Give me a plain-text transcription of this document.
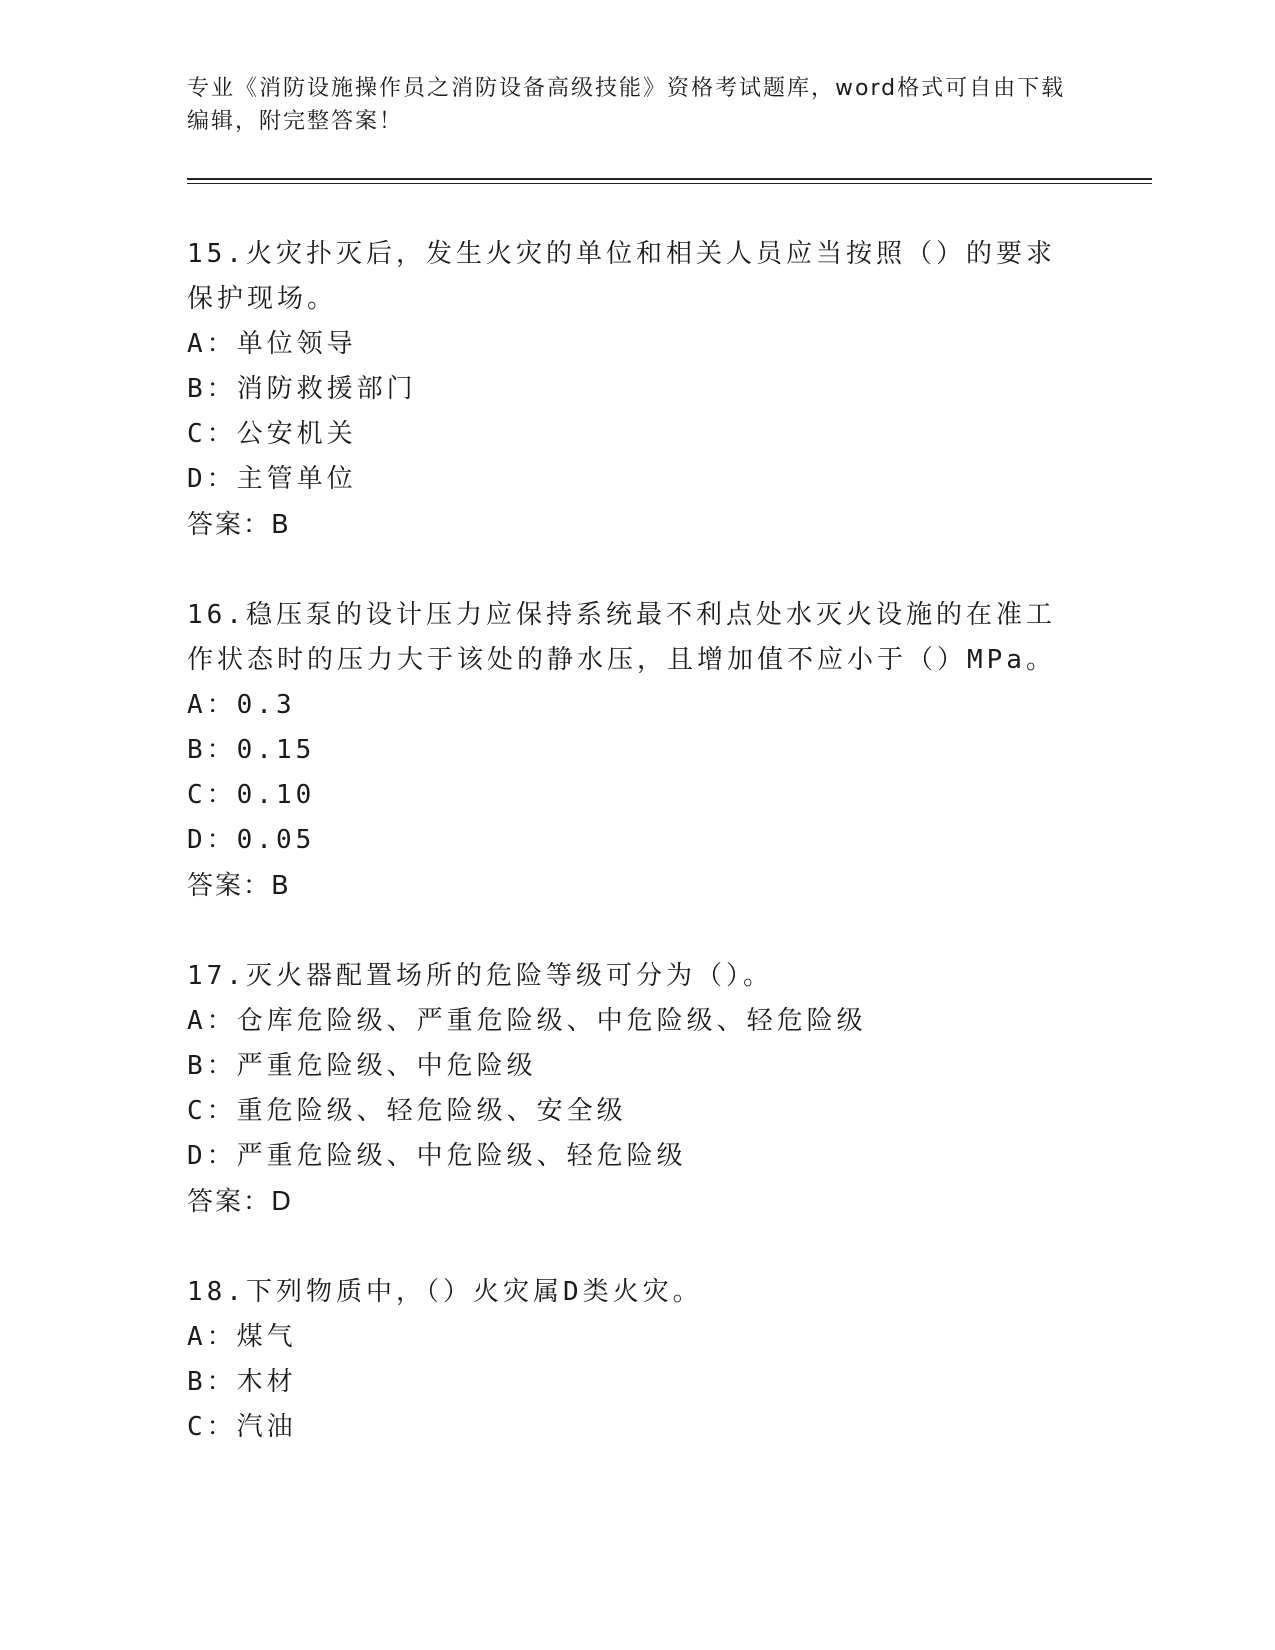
专业《消防设施操作员之消防设备高级技能》资格考试题库，word格式可自由下载编辑，附完整答案！

15.火灾扑灭后，发生火灾的单位和相关人员应当按照（）的要求保护现场。

A：单位领导

B：消防救援部门

C：公安机关

D：主管单位

答案：B

16.稳压泵的设计压力应保持系统最不利点处水灭火设施的在准工作状态时的压力大于该处的静水压，且增加值不应小于（）MPa。

A：0.3

B：0.15

C：0.10

D：0.05

答案：B

17.灭火器配置场所的危险等级可分为（）。

A：仓库危险级、严重危险级、中危险级、轻危险级

B：严重危险级、中危险级

C：重危险级、轻危险级、安全级

D：严重危险级、中危险级、轻危险级

答案：D

18.下列物质中，（）火灾属D类火灾。

A：煤气

B：木材

C：汽油
